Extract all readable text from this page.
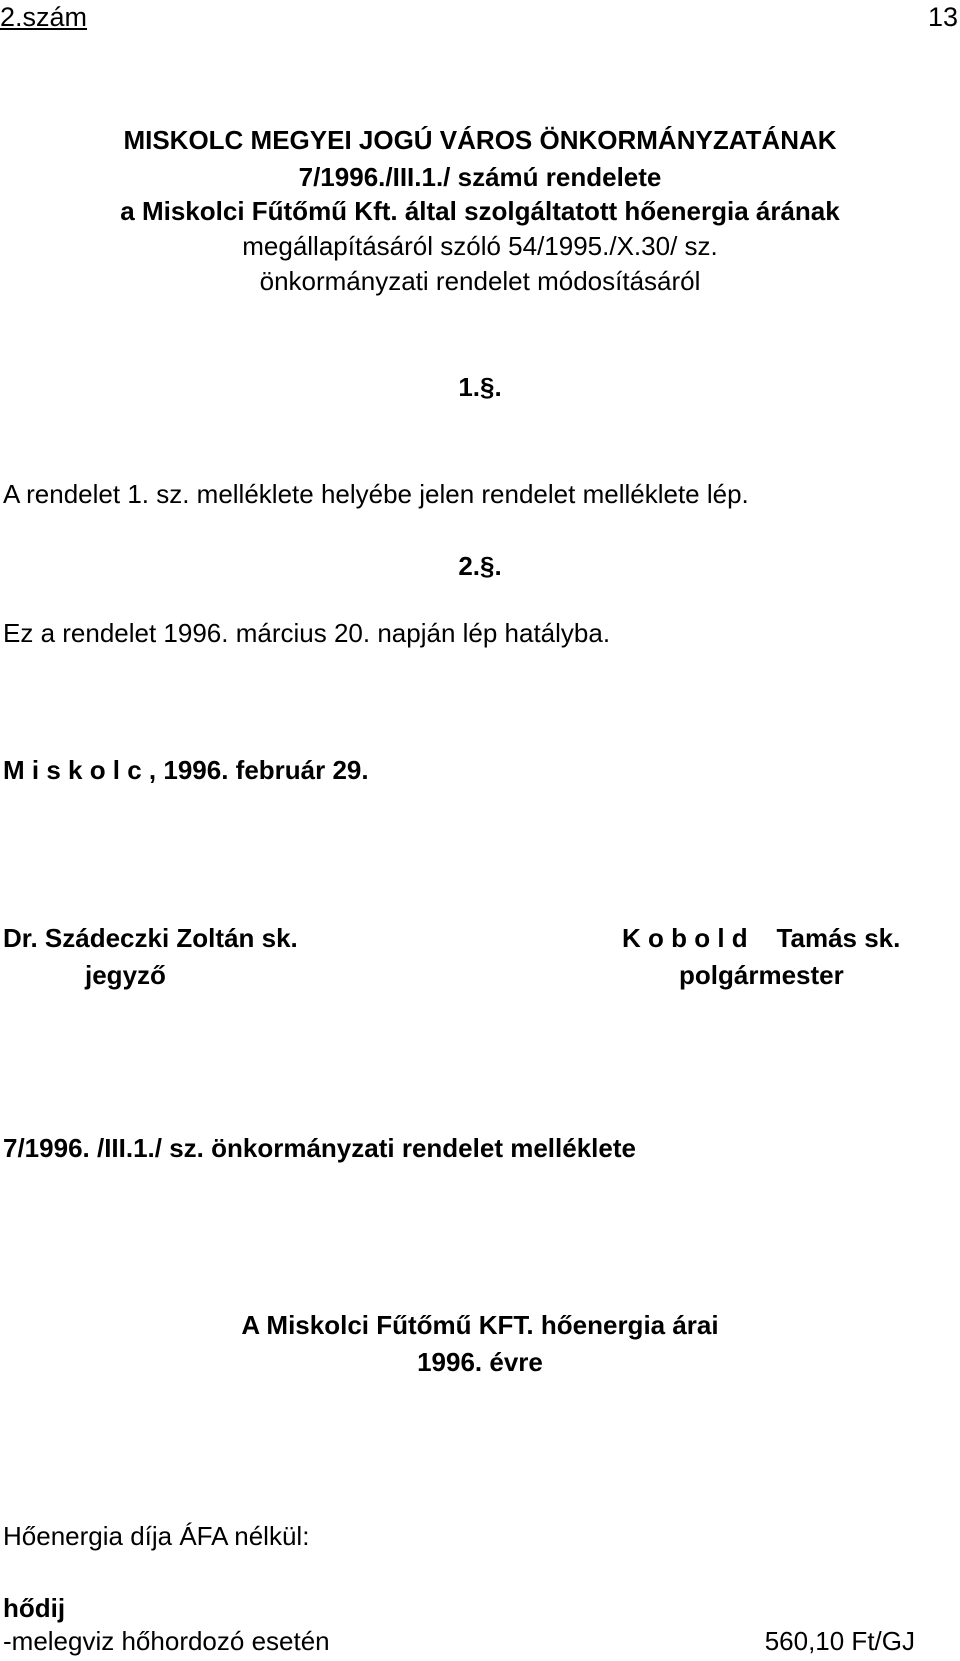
2.szám	13
MISKOLC MEGYEI JOGÚ VÁROS ÖNKORMÁNYZATÁNAK
7/1996./III.1./ számú rendelete
a Miskolci Fűtőmű Kft. által szolgáltatott hőenergia árának
megállapításáról szóló 54/1995./X.30/ sz.
önkormányzati rendelet módosításáról
1.§.
A rendelet 1. sz. melléklete helyébe jelen rendelet melléklete lép.
2.§.
Ez a rendelet 1996. március 20. napján lép hatályba.
M i s k o l c , 1996. február 29.
Dr. Szádeczki Zoltán sk.
jegyző
K o b o l d    Tamás sk.
polgármester
7/1996. /III.1./ sz. önkormányzati rendelet melléklete
A Miskolci Fűtőmű KFT. hőenergia árai
1996. évre
Hőenergia díja ÁFA nélkül:
hődij
-melegviz hőhordozó esetén	560,10 Ft/GJ
